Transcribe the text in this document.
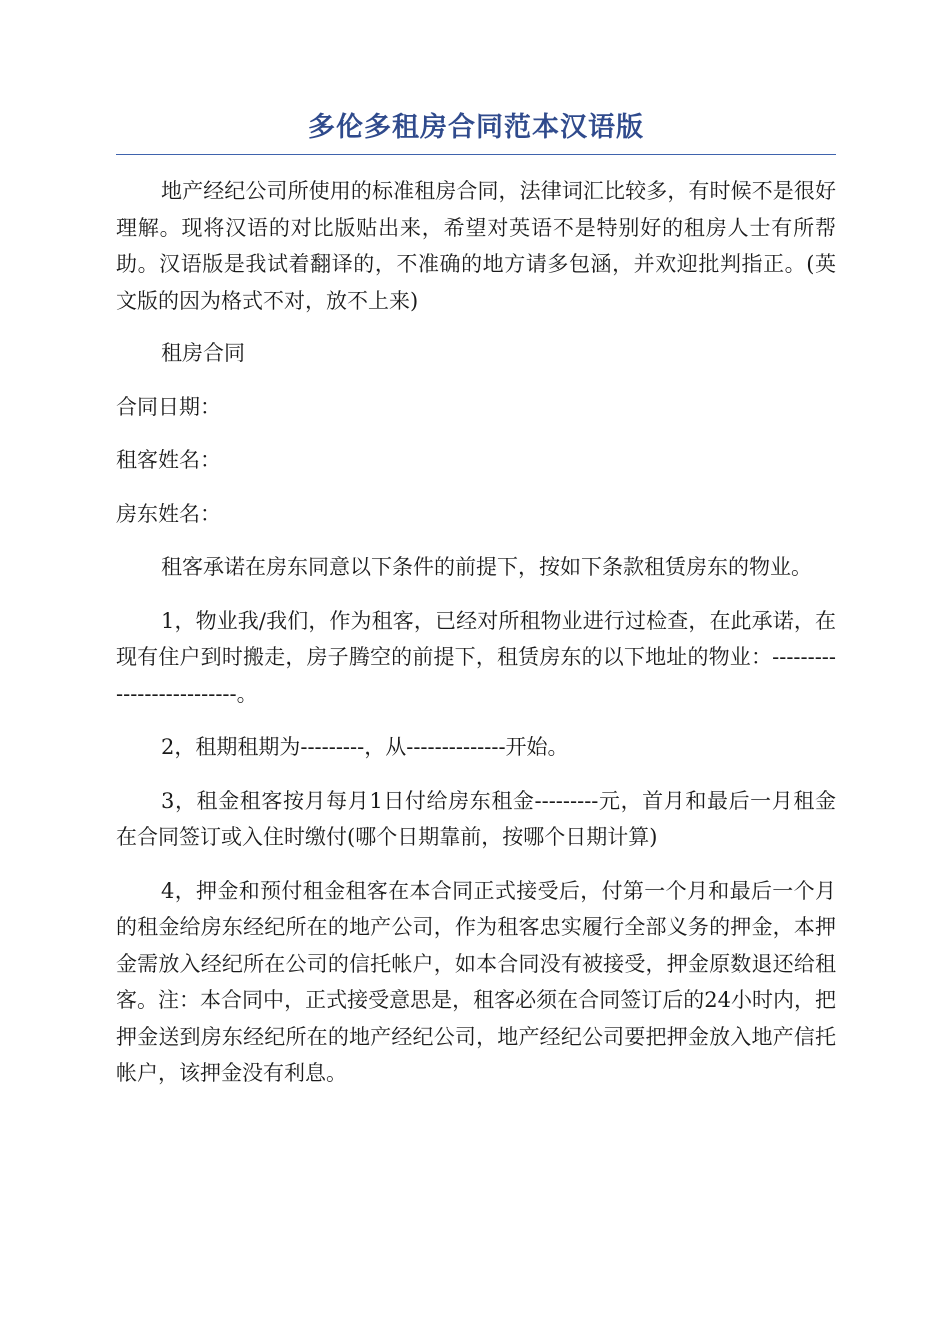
多伦多租房合同范本汉语版

地产经纪公司所使用的标准租房合同，法律词汇比较多，有时候不是很好理解。现将汉语的对比版贴出来，希望对英语不是特别好的租房人士有所帮助。汉语版是我试着翻译的，不准确的地方请多包涵，并欢迎批判指正。(英文版的因为格式不对，放不上来)

租房合同

合同日期：

租客姓名：

房东姓名：

租客承诺在房东同意以下条件的前提下，按如下条款租赁房东的物业。

1，物业我/我们，作为租客，已经对所租物业进行过检查，在此承诺，在现有住户到时搬走，房子腾空的前提下，租赁房东的以下地址的物业：--------------------------。

2，租期租期为---------，从--------------开始。

3，租金租客按月每月1日付给房东租金---------元，首月和最后一月租金在合同签订或入住时缴付(哪个日期靠前，按哪个日期计算)

4，押金和预付租金租客在本合同正式接受后，付第一个月和最后一个月的租金给房东经纪所在的地产公司，作为租客忠实履行全部义务的押金，本押金需放入经纪所在公司的信托帐户，如本合同没有被接受，押金原数退还给租客。注：本合同中，正式接受意思是，租客必须在合同签订后的24小时内，把押金送到房东经纪所在的地产经纪公司，地产经纪公司要把押金放入地产信托帐户，该押金没有利息。
